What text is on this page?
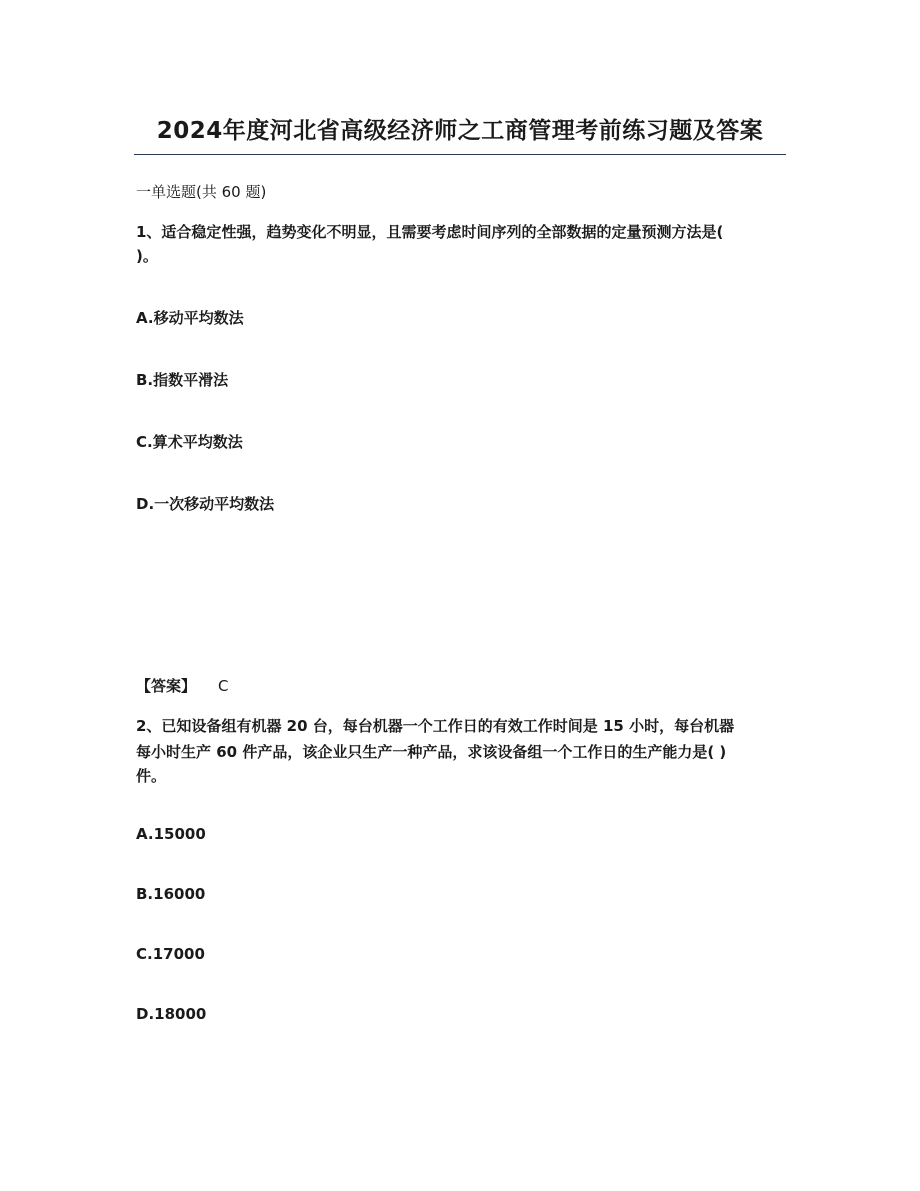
2024年度河北省高级经济师之工商管理考前练习题及答案
一单选题(共 60 题)
1、适合稳定性强，趋势变化不明显，且需要考虑时间序列的全部数据的定量预测方法是(
)。
A.移动平均数法
B.指数平滑法
C.算术平均数法
D.一次移动平均数法
【答案】 C
2、已知设备组有机器 20 台，每台机器一个工作日的有效工作时间是 15 小时，每台机器
每小时生产 60 件产品，该企业只生产一种产品，求该设备组一个工作日的生产能力是( )
件。
A.15000
B.16000
C.17000
D.18000
